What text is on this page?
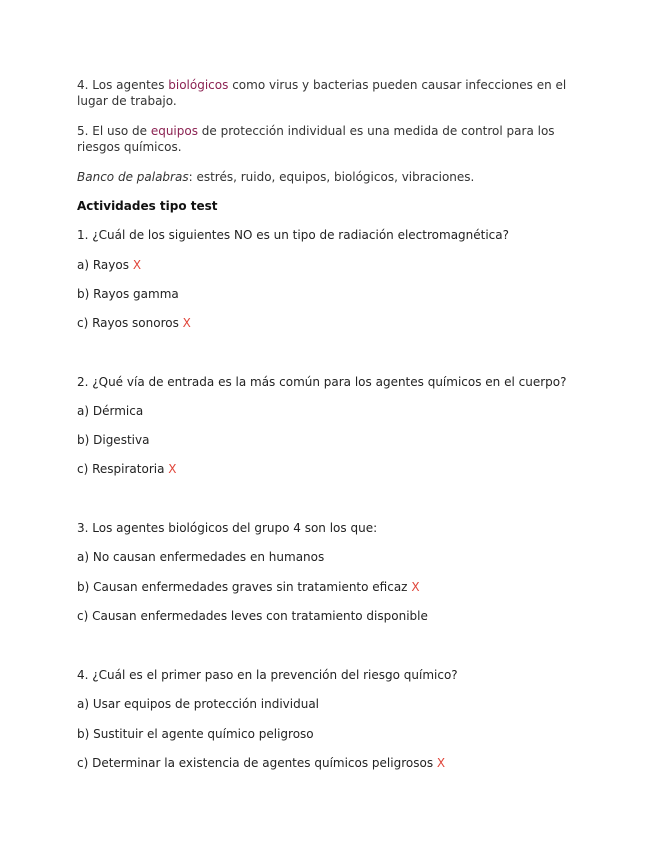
4. Los agentes biológicos como virus y bacterias pueden causar infecciones en el lugar de trabajo.

5. El uso de equipos de protección individual es una medida de control para los riesgos químicos.

Banco de palabras: estrés, ruido, equipos, biológicos, vibraciones.

Actividades tipo test

1. ¿Cuál de los siguientes NO es un tipo de radiación electromagnética?

a) Rayos X

b) Rayos gamma

c) Rayos sonoros X

2. ¿Qué vía de entrada es la más común para los agentes químicos en el cuerpo?

a) Dérmica

b) Digestiva

c) Respiratoria X

3. Los agentes biológicos del grupo 4 son los que:

a) No causan enfermedades en humanos

b) Causan enfermedades graves sin tratamiento eficaz X

c) Causan enfermedades leves con tratamiento disponible

4. ¿Cuál es el primer paso en la prevención del riesgo químico?

a) Usar equipos de protección individual

b) Sustituir el agente químico peligroso

c) Determinar la existencia de agentes químicos peligrosos X
